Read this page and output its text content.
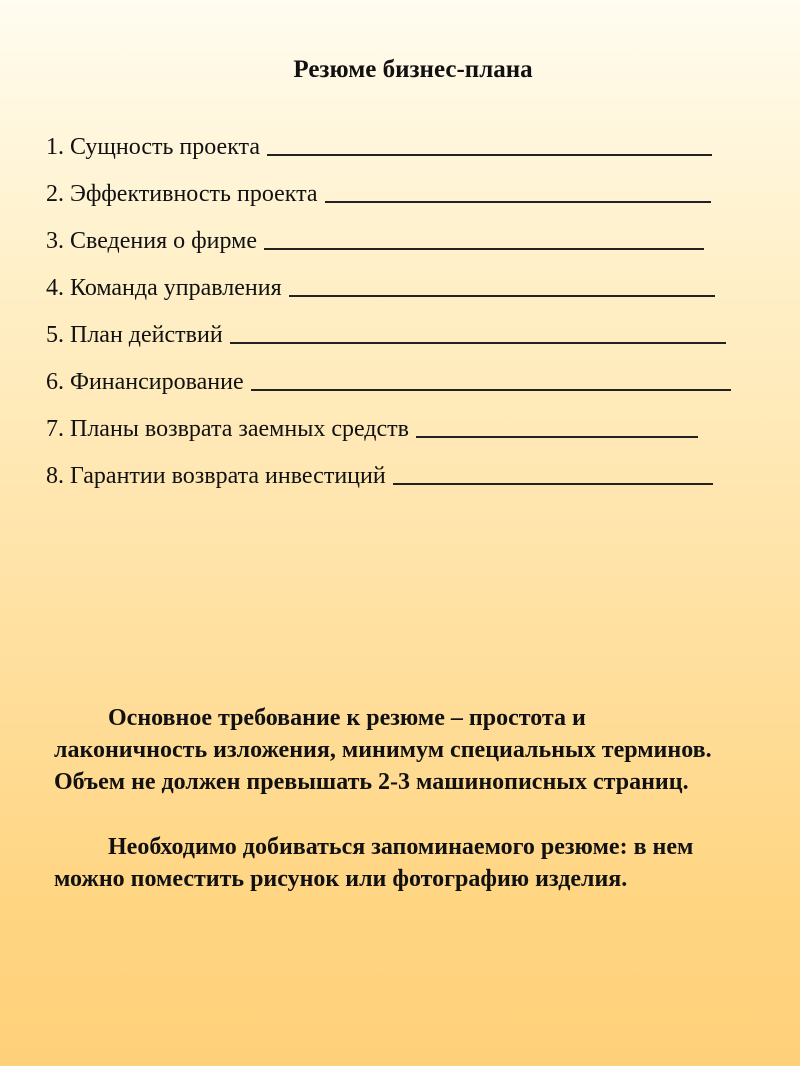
Резюме бизнес-плана
1. Сущность проекта
2. Эффективность проекта
3. Сведения о фирме
4. Команда управления
5. План действий
6. Финансирование
7. Планы возврата заемных средств
8. Гарантии возврата инвестиций

Основное требование к резюме – простота и лаконичность изложения, минимум специальных терминов. Объем не должен превышать 2-3 машинописных страниц.

Необходимо добиваться запоминаемого резюме: в нем можно поместить рисунок или фотографию изделия.
